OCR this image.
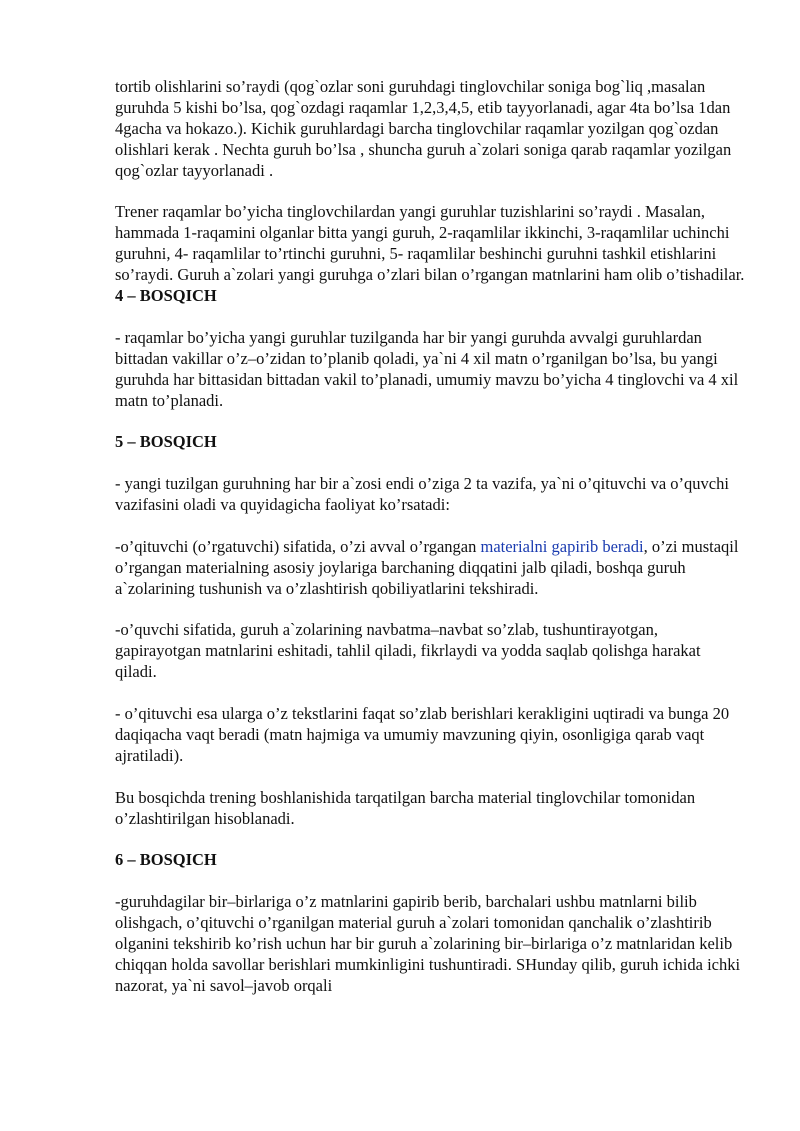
tortib olishlarini so’raydi (qog`ozlar soni guruhdagi tinglovchilar soniga bog`liq ,masalan guruhda 5 kishi bo’lsa, qog`ozdagi raqamlar 1,2,3,4,5, etib tayyorlanadi, agar 4ta bo’lsa 1dan 4gacha va hokazo.). Kichik guruhlardagi barcha tinglovchilar raqamlar yozilgan qog`ozdan olishlari kerak . Nechta guruh bo’lsa , shuncha guruh a`zolari soniga qarab raqamlar yozilgan qog`ozlar tayyorlanadi .

Trener raqamlar bo’yicha tinglovchilardan yangi guruhlar tuzishlarini so’raydi . Masalan, hammada 1-raqamini olganlar bitta yangi guruh, 2-raqamlilar ikkinchi, 3-raqamlilar uchinchi guruhni, 4- raqamlilar to’rtinchi guruhni, 5- raqamlilar beshinchi guruhni tashkil etishlarini so’raydi. Guruh a`zolari yangi guruhga o’zlari bilan o’rgangan matnlarini ham olib o’tishadilar.

4 – BOSQICH

- raqamlar bo’yicha yangi guruhlar tuzilganda har bir yangi guruhda avvalgi guruhlardan bittadan vakillar o’z–o’zidan to’planib qoladi, ya`ni 4 xil matn o’rganilgan bo’lsa, bu yangi guruhda har bittasidan bittadan vakil to’planadi, umumiy mavzu bo’yicha 4 tinglovchi va 4 xil matn to’planadi.

5 – BOSQICH

- yangi tuzilgan guruhning har bir a`zosi endi o’ziga 2 ta vazifa, ya`ni o’qituvchi va o’quvchi vazifasini oladi va quyidagicha faoliyat ko’rsatadi:

-o’qituvchi (o’rgatuvchi) sifatida, o’zi avval o’rgangan materialni gapirib beradi, o’zi mustaqil o’rgangan materialning asosiy joylariga barchaning diqqatini jalb qiladi, boshqa guruh a`zolarining tushunish va o’zlashtirish qobiliyatlarini tekshiradi.

-o’quvchi sifatida, guruh a`zolarining navbatma–navbat so’zlab, tushuntirayotgan, gapirayotgan matnlarini eshitadi, tahlil qiladi, fikrlaydi va yodda saqlab qolishga harakat qiladi.

- o’qituvchi esa ularga o’z tekstlarini faqat so’zlab berishlari kerakligini uqtiradi va bunga 20 daqiqacha vaqt beradi (matn hajmiga va umumiy mavzuning qiyin, osonligiga qarab vaqt ajratiladi).

Bu bosqichda trening boshlanishida tarqatilgan barcha material tinglovchilar tomonidan o’zlashtirilgan hisoblanadi.

6 – BOSQICH

-guruhdagilar bir–birlariga o’z matnlarini gapirib berib, barchalari ushbu matnlarni bilib olishgach, o’qituvchi o’rganilgan material guruh a`zolari tomonidan qanchalik o’zlashtirib olganini tekshirib ko’rish uchun har bir guruh a`zolarining bir–birlariga o’z matnlaridan kelib chiqqan holda savollar berishlari mumkinligini tushuntiradi. SHunday qilib, guruh ichida ichki nazorat, ya`ni savol–javob orqali
